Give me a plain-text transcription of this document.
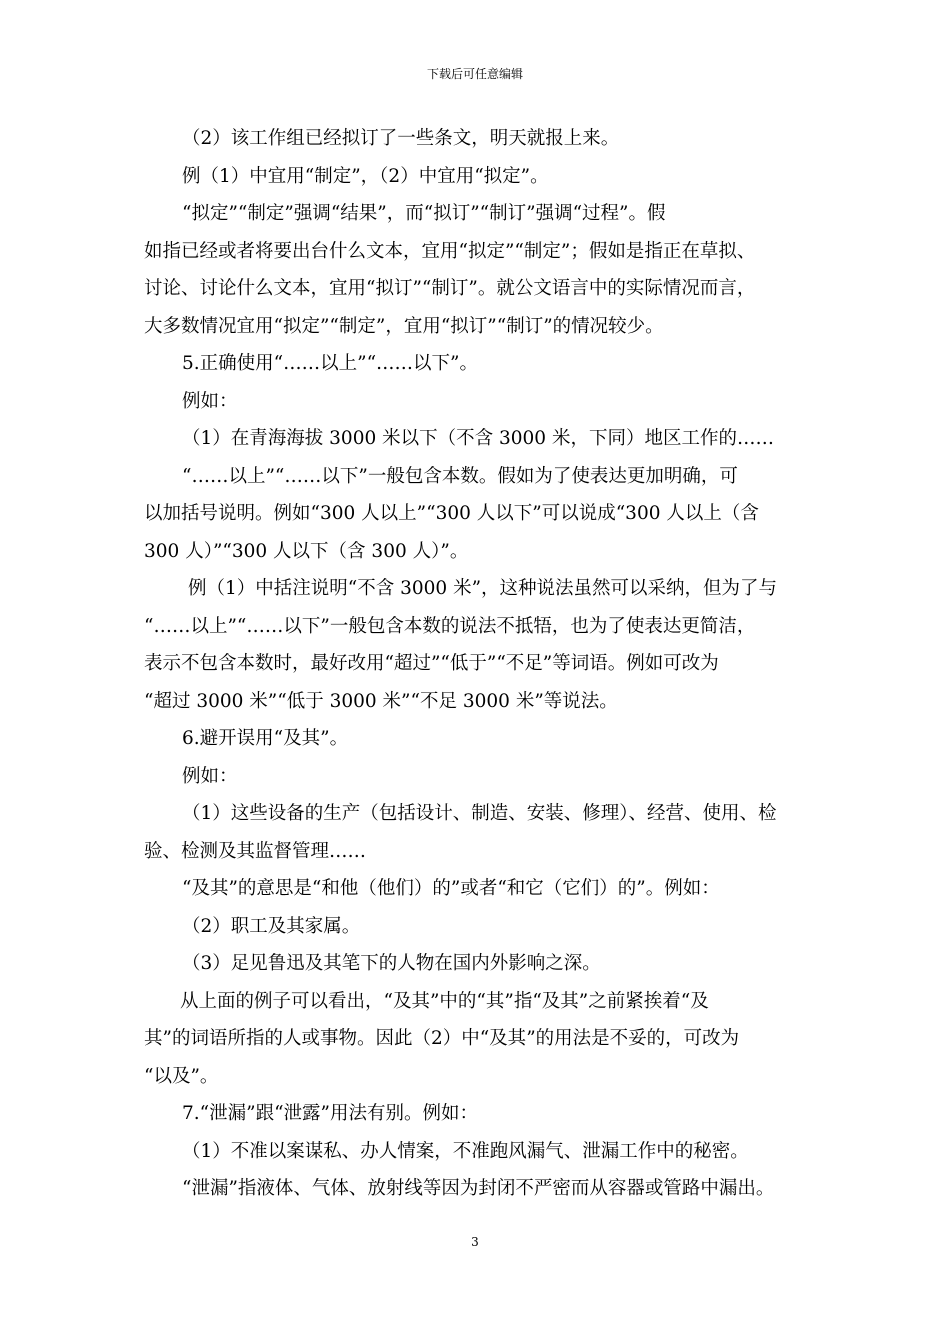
下载后可任意编辑
（2）该工作组已经拟订了一些条文，明天就报上来。
例（1）中宜用“制定”，（2）中宜用“拟定”。
“拟定”“制定”强调“结果”，而“拟订”“制订”强调“过程”。假
如指已经或者将要出台什么文本，宜用“拟定”“制定”；假如是指正在草拟、
讨论、讨论什么文本，宜用“拟订”“制订”。就公文语言中的实际情况而言，
大多数情况宜用“拟定”“制定”，宜用“拟订”“制订”的情况较少。
5.正确使用“……以上”“……以下”。
例如：
（1）在青海海拔 3000 米以下（不含 3000 米，下同）地区工作的……
“……以上”“……以下”一般包含本数。假如为了使表达更加明确，可
以加括号说明。例如“300 人以上”“300 人以下”可以说成“300 人以上（含
300 人）”“300 人以下（含 300 人）”。
例（1）中括注说明“不含 3000 米”，这种说法虽然可以采纳，但为了与
“……以上”“……以下”一般包含本数的说法不抵牾，也为了使表达更简洁，
表示不包含本数时，最好改用“超过”“低于”“不足”等词语。例如可改为
“超过 3000 米”“低于 3000 米”“不足 3000 米”等说法。
6.避开误用“及其”。
例如：
（1）这些设备的生产（包括设计、制造、安装、修理）、经营、使用、检
验、检测及其监督管理……
“及其”的意思是“和他（他们）的”或者“和它（它们）的”。例如：
（2）职工及其家属。
（3）足见鲁迅及其笔下的人物在国内外影响之深。
从上面的例子可以看出，“及其”中的“其”指“及其”之前紧挨着“及
其”的词语所指的人或事物。因此（2）中“及其”的用法是不妥的，可改为
“以及”。
7.“泄漏”跟“泄露”用法有别。例如：
（1）不准以案谋私、办人情案，不准跑风漏气、泄漏工作中的秘密。
“泄漏”指液体、气体、放射线等因为封闭不严密而从容器或管路中漏出。
3
